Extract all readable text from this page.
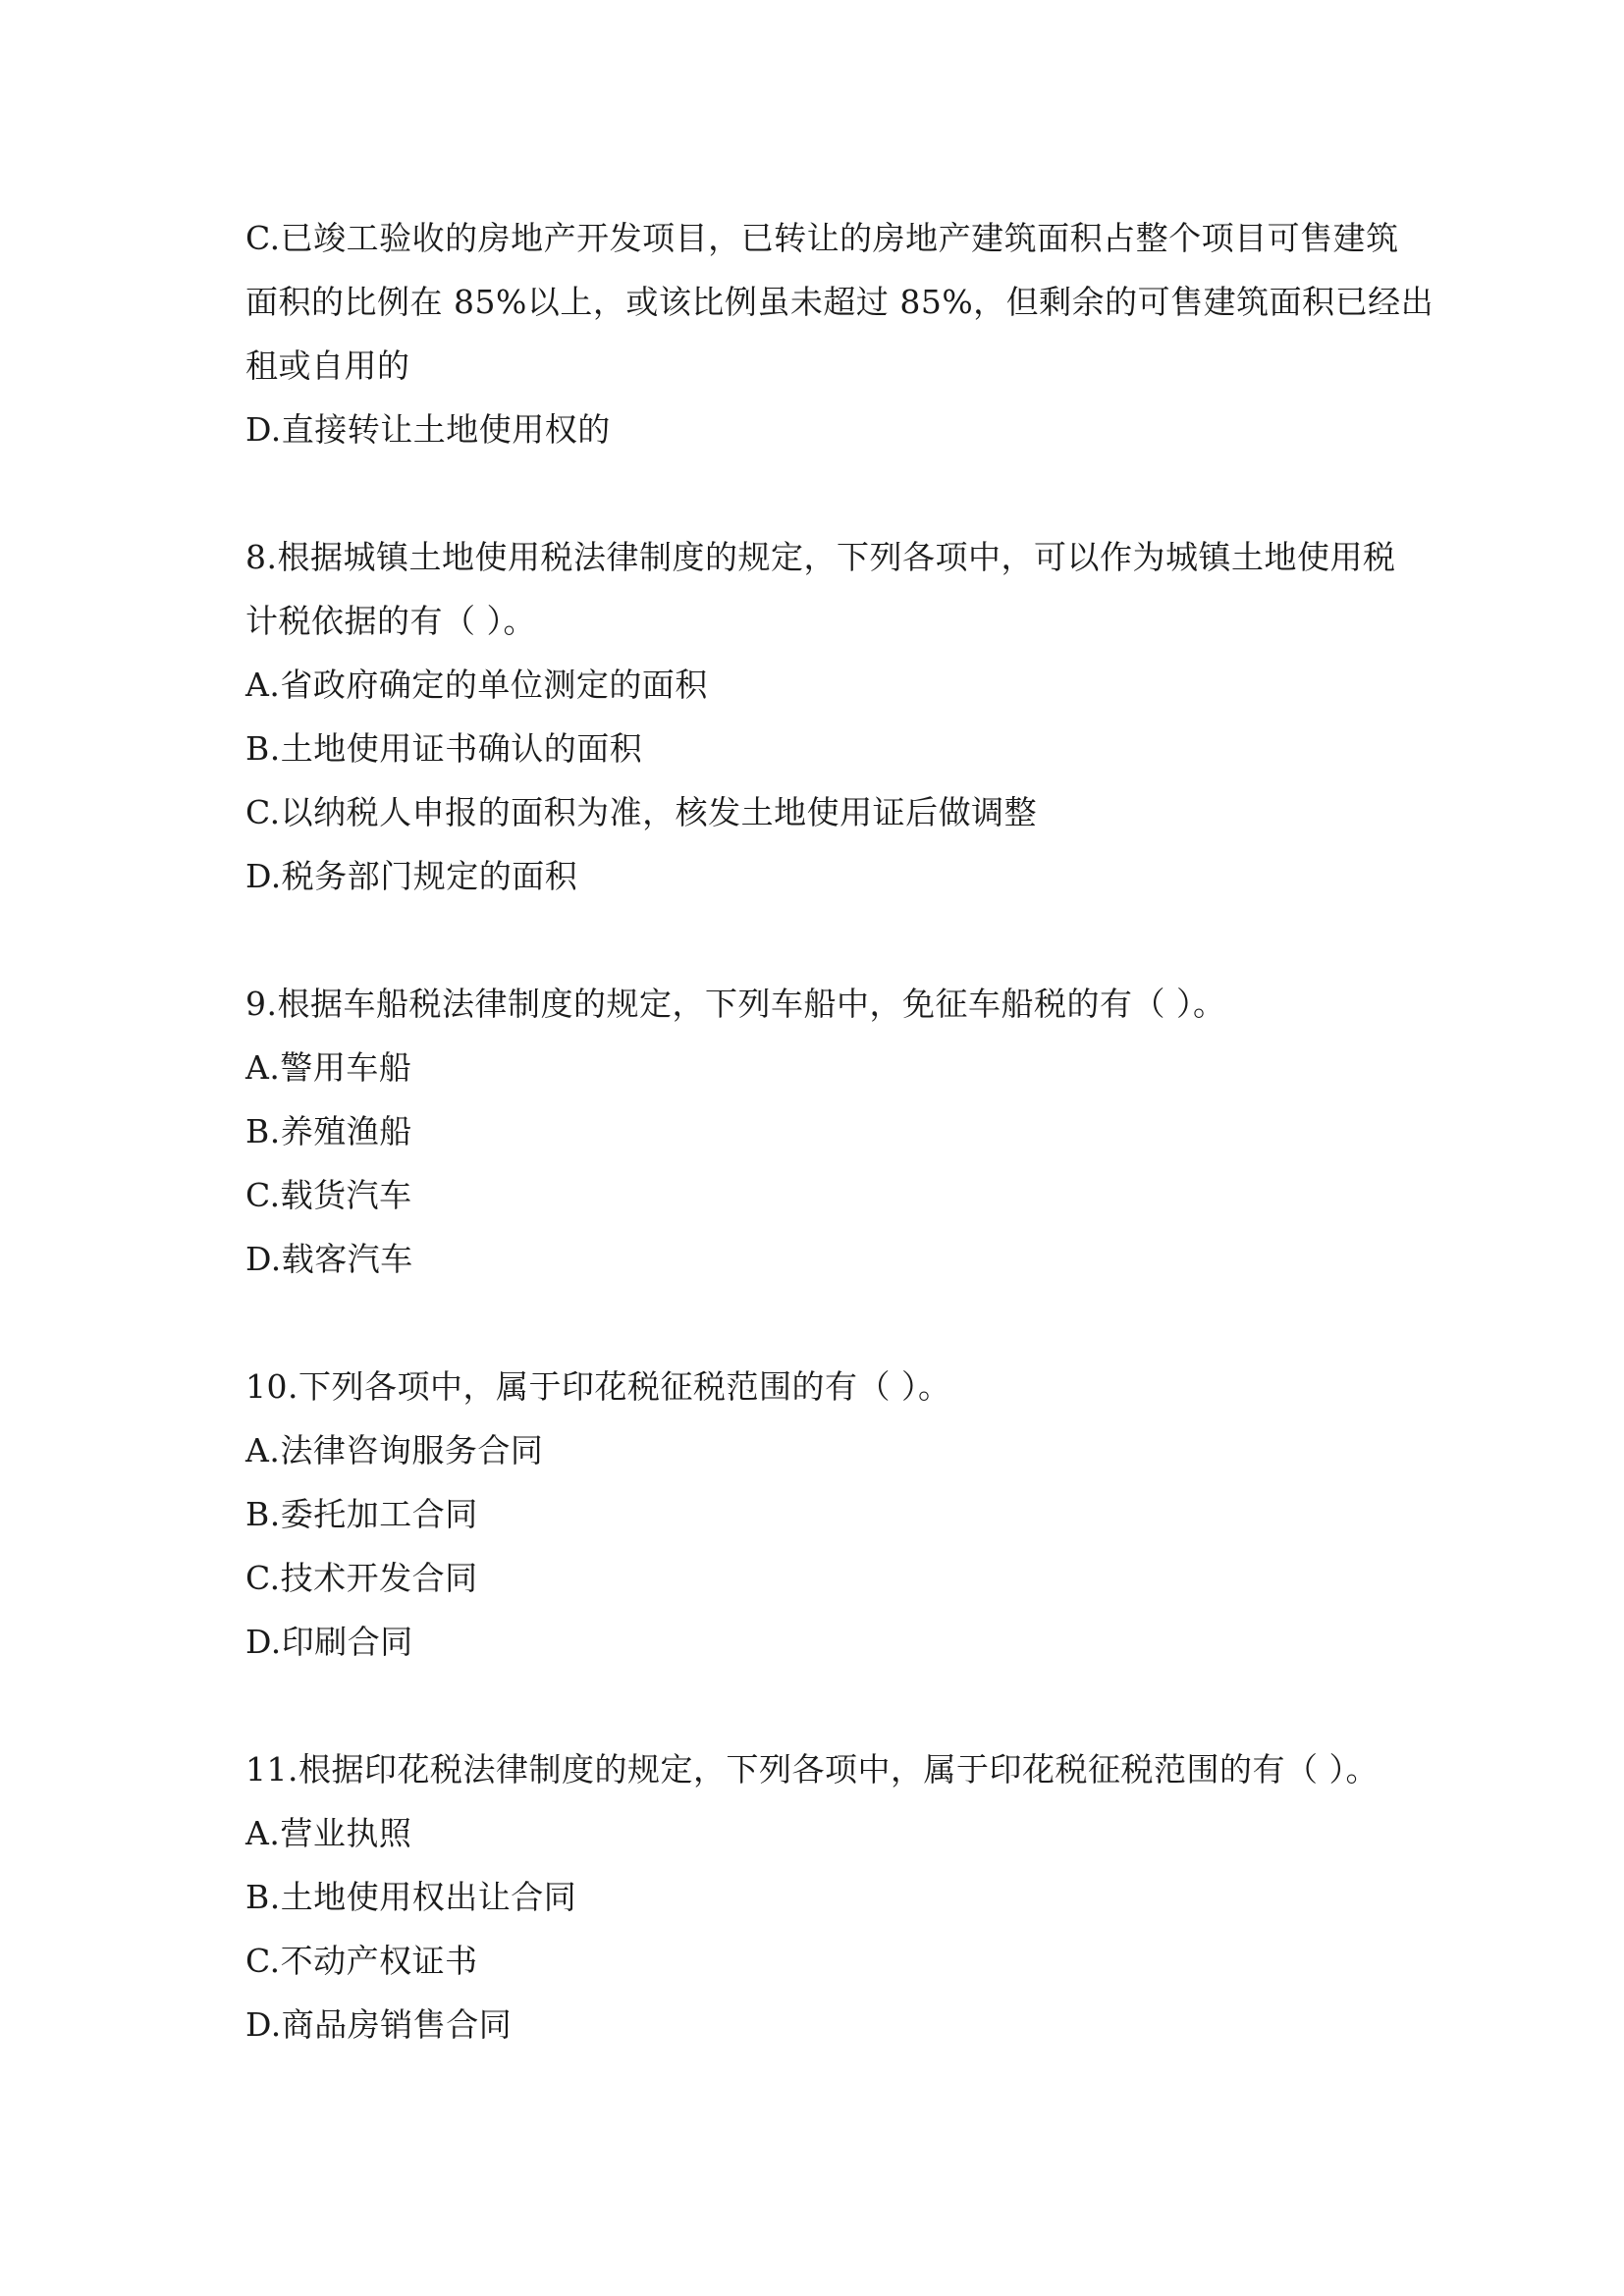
C.已竣工验收的房地产开发项目，已转让的房地产建筑面积占整个项目可售建筑
面积的比例在 85%以上，或该比例虽未超过 85%，但剩余的可售建筑面积已经出
租或自用的
D.直接转让土地使用权的
8.根据城镇土地使用税法律制度的规定，下列各项中，可以作为城镇土地使用税
计税依据的有（ ）。
A.省政府确定的单位测定的面积
B.土地使用证书确认的面积
C.以纳税人申报的面积为准，核发土地使用证后做调整
D.税务部门规定的面积
9.根据车船税法律制度的规定，下列车船中，免征车船税的有（ ）。
A.警用车船
B.养殖渔船
C.载货汽车
D.载客汽车
10.下列各项中，属于印花税征税范围的有（ ）。
A.法律咨询服务合同
B.委托加工合同
C.技术开发合同
D.印刷合同
11.根据印花税法律制度的规定，下列各项中，属于印花税征税范围的有（ ）。
A.营业执照
B.土地使用权出让合同
C.不动产权证书
D.商品房销售合同
